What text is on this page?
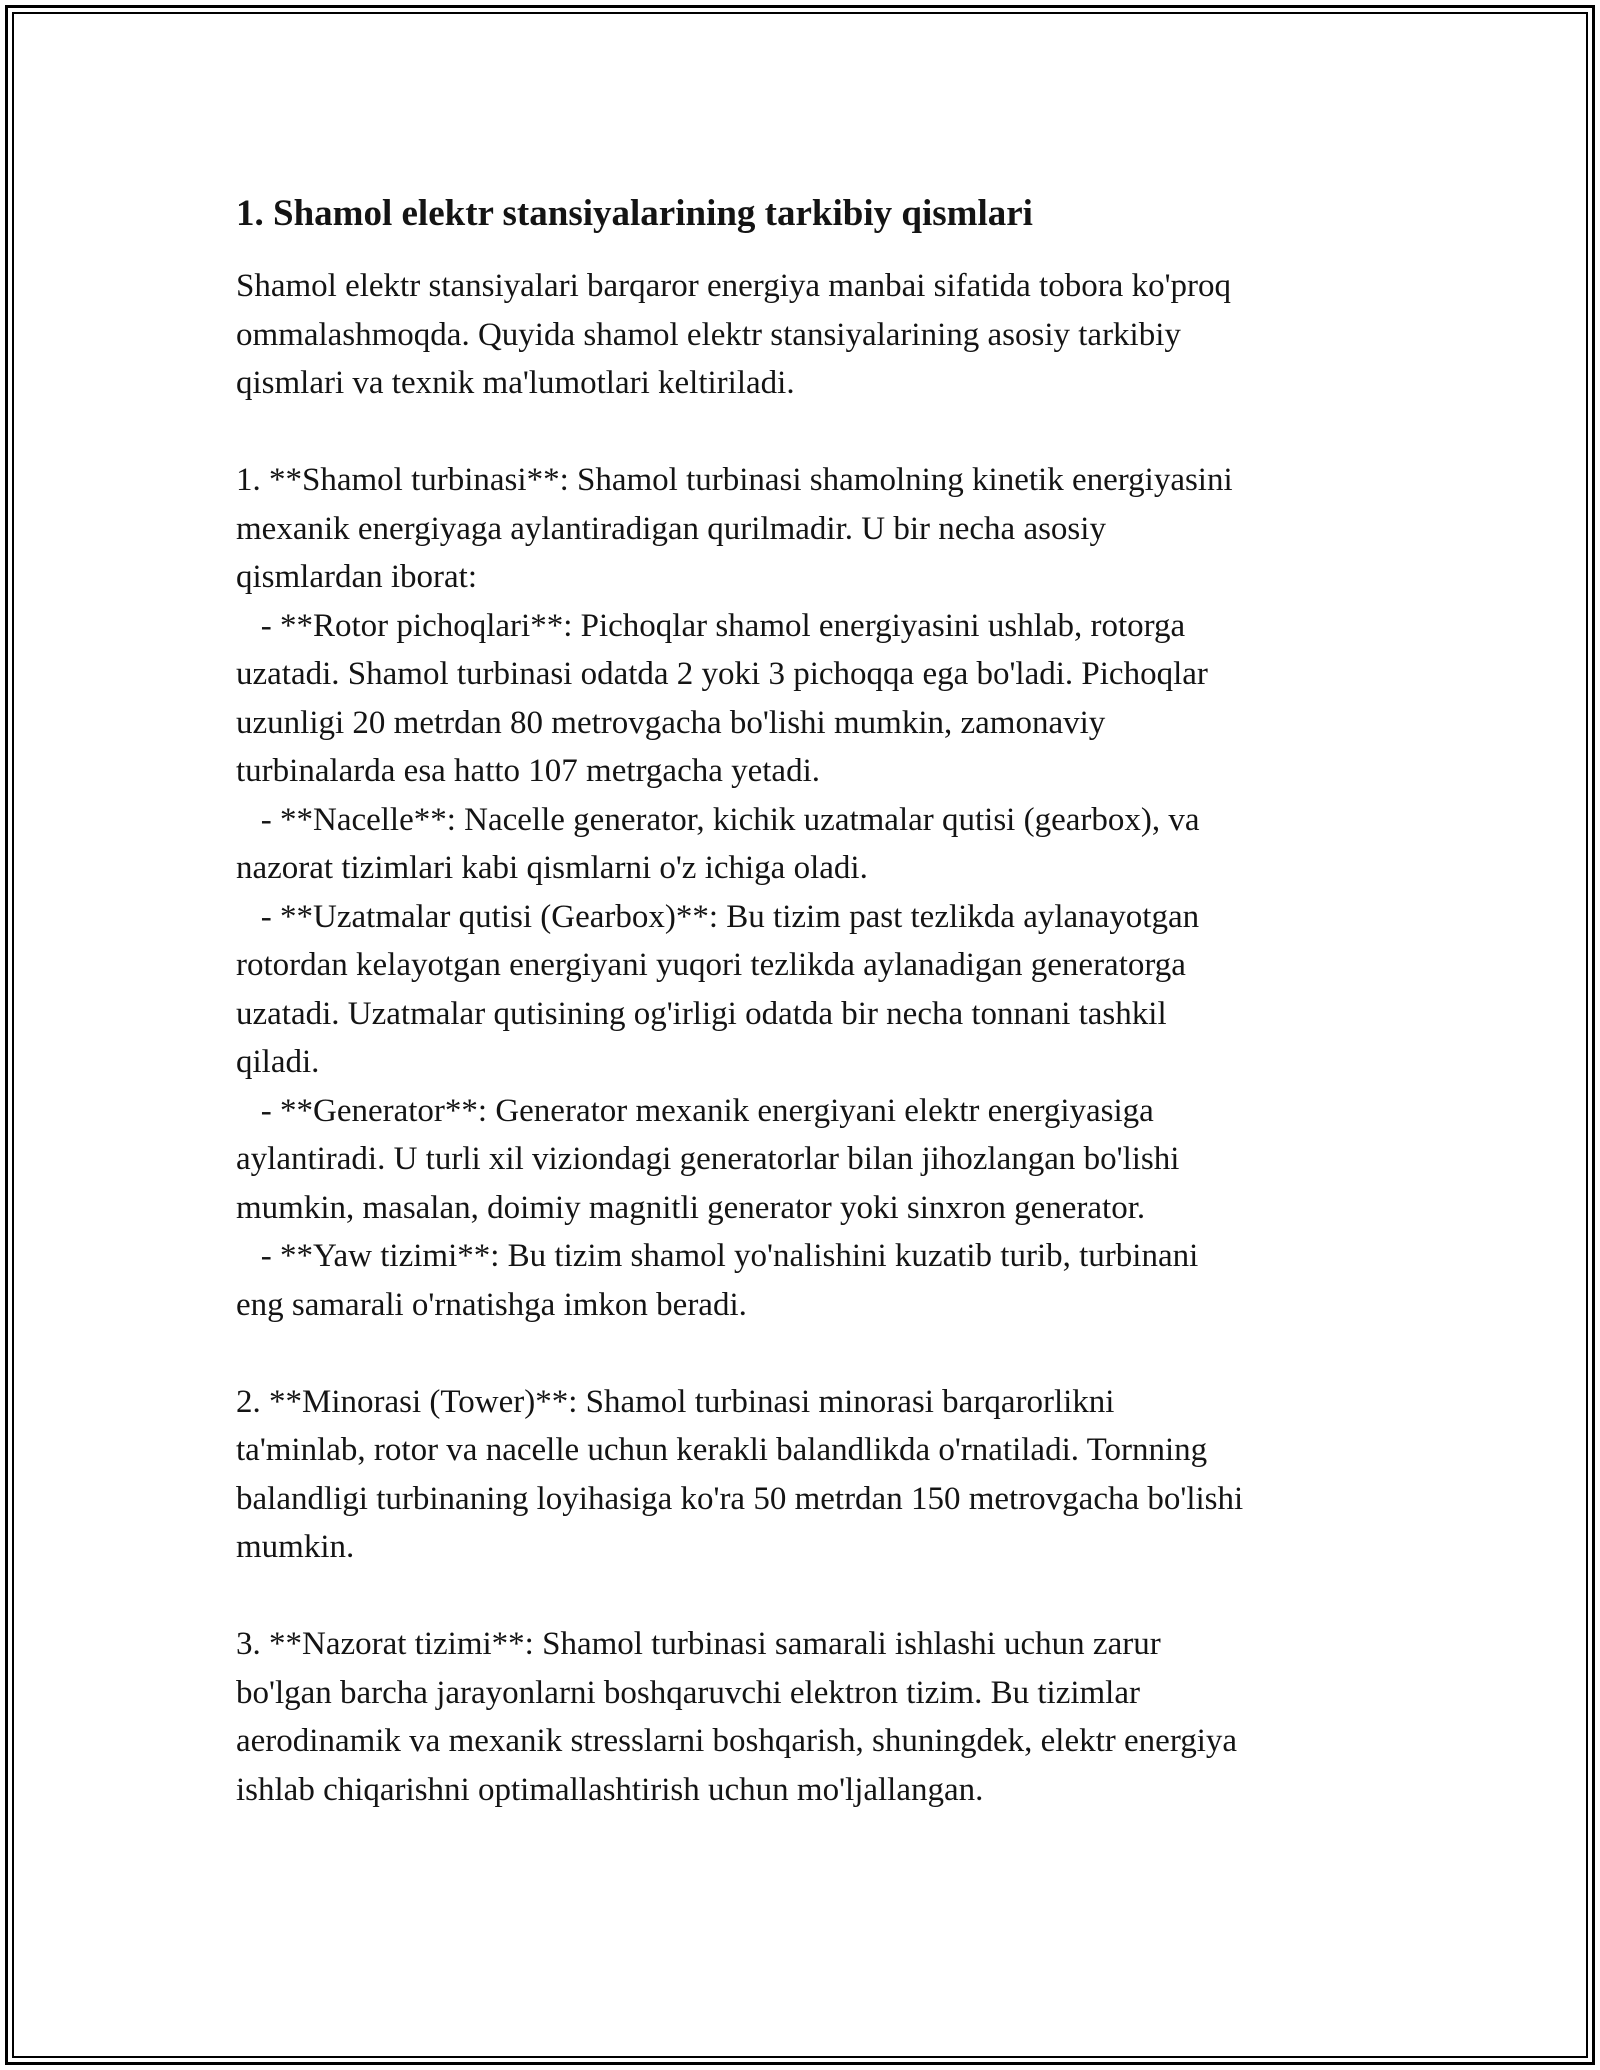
1. Shamol elektr stansiyalarining tarkibiy qismlari
Shamol elektr stansiyalari barqaror energiya manbai sifatida tobora ko'proq
ommalashmoqda. Quyida shamol elektr stansiyalarining asosiy tarkibiy
qismlari va texnik ma'lumotlari keltiriladi.
1. **Shamol turbinasi**: Shamol turbinasi shamolning kinetik energiyasini
mexanik energiyaga aylantiradigan qurilmadir. U bir necha asosiy
qismlardan iborat:
- **Rotor pichoqlari**: Pichoqlar shamol energiyasini ushlab, rotorga
uzatadi. Shamol turbinasi odatda 2 yoki 3 pichoqqa ega bo'ladi. Pichoqlar
uzunligi 20 metrdan 80 metrovgacha bo'lishi mumkin, zamonaviy
turbinalarda esa hatto 107 metrgacha yetadi.
- **Nacelle**: Nacelle generator, kichik uzatmalar qutisi (gearbox), va
nazorat tizimlari kabi qismlarni o'z ichiga oladi.
- **Uzatmalar qutisi (Gearbox)**: Bu tizim past tezlikda aylanayotgan
rotordan kelayotgan energiyani yuqori tezlikda aylanadigan generatorga
uzatadi. Uzatmalar qutisining og'irligi odatda bir necha tonnani tashkil
qiladi.
- **Generator**: Generator mexanik energiyani elektr energiyasiga
aylantiradi. U turli xil viziondagi generatorlar bilan jihozlangan bo'lishi
mumkin, masalan, doimiy magnitli generator yoki sinxron generator.
- **Yaw tizimi**: Bu tizim shamol yo'nalishini kuzatib turib, turbinani
eng samarali o'rnatishga imkon beradi.
2. **Minorasi (Tower)**: Shamol turbinasi minorasi barqarorlikni
ta'minlab, rotor va nacelle uchun kerakli balandlikda o'rnatiladi. Tornning
balandligi turbinaning loyihasiga ko'ra 50 metrdan 150 metrovgacha bo'lishi
mumkin.
3. **Nazorat tizimi**: Shamol turbinasi samarali ishlashi uchun zarur
bo'lgan barcha jarayonlarni boshqaruvchi elektron tizim. Bu tizimlar
aerodinamik va mexanik stresslarni boshqarish, shuningdek, elektr energiya
ishlab chiqarishni optimallashtirish uchun mo'ljallangan.
